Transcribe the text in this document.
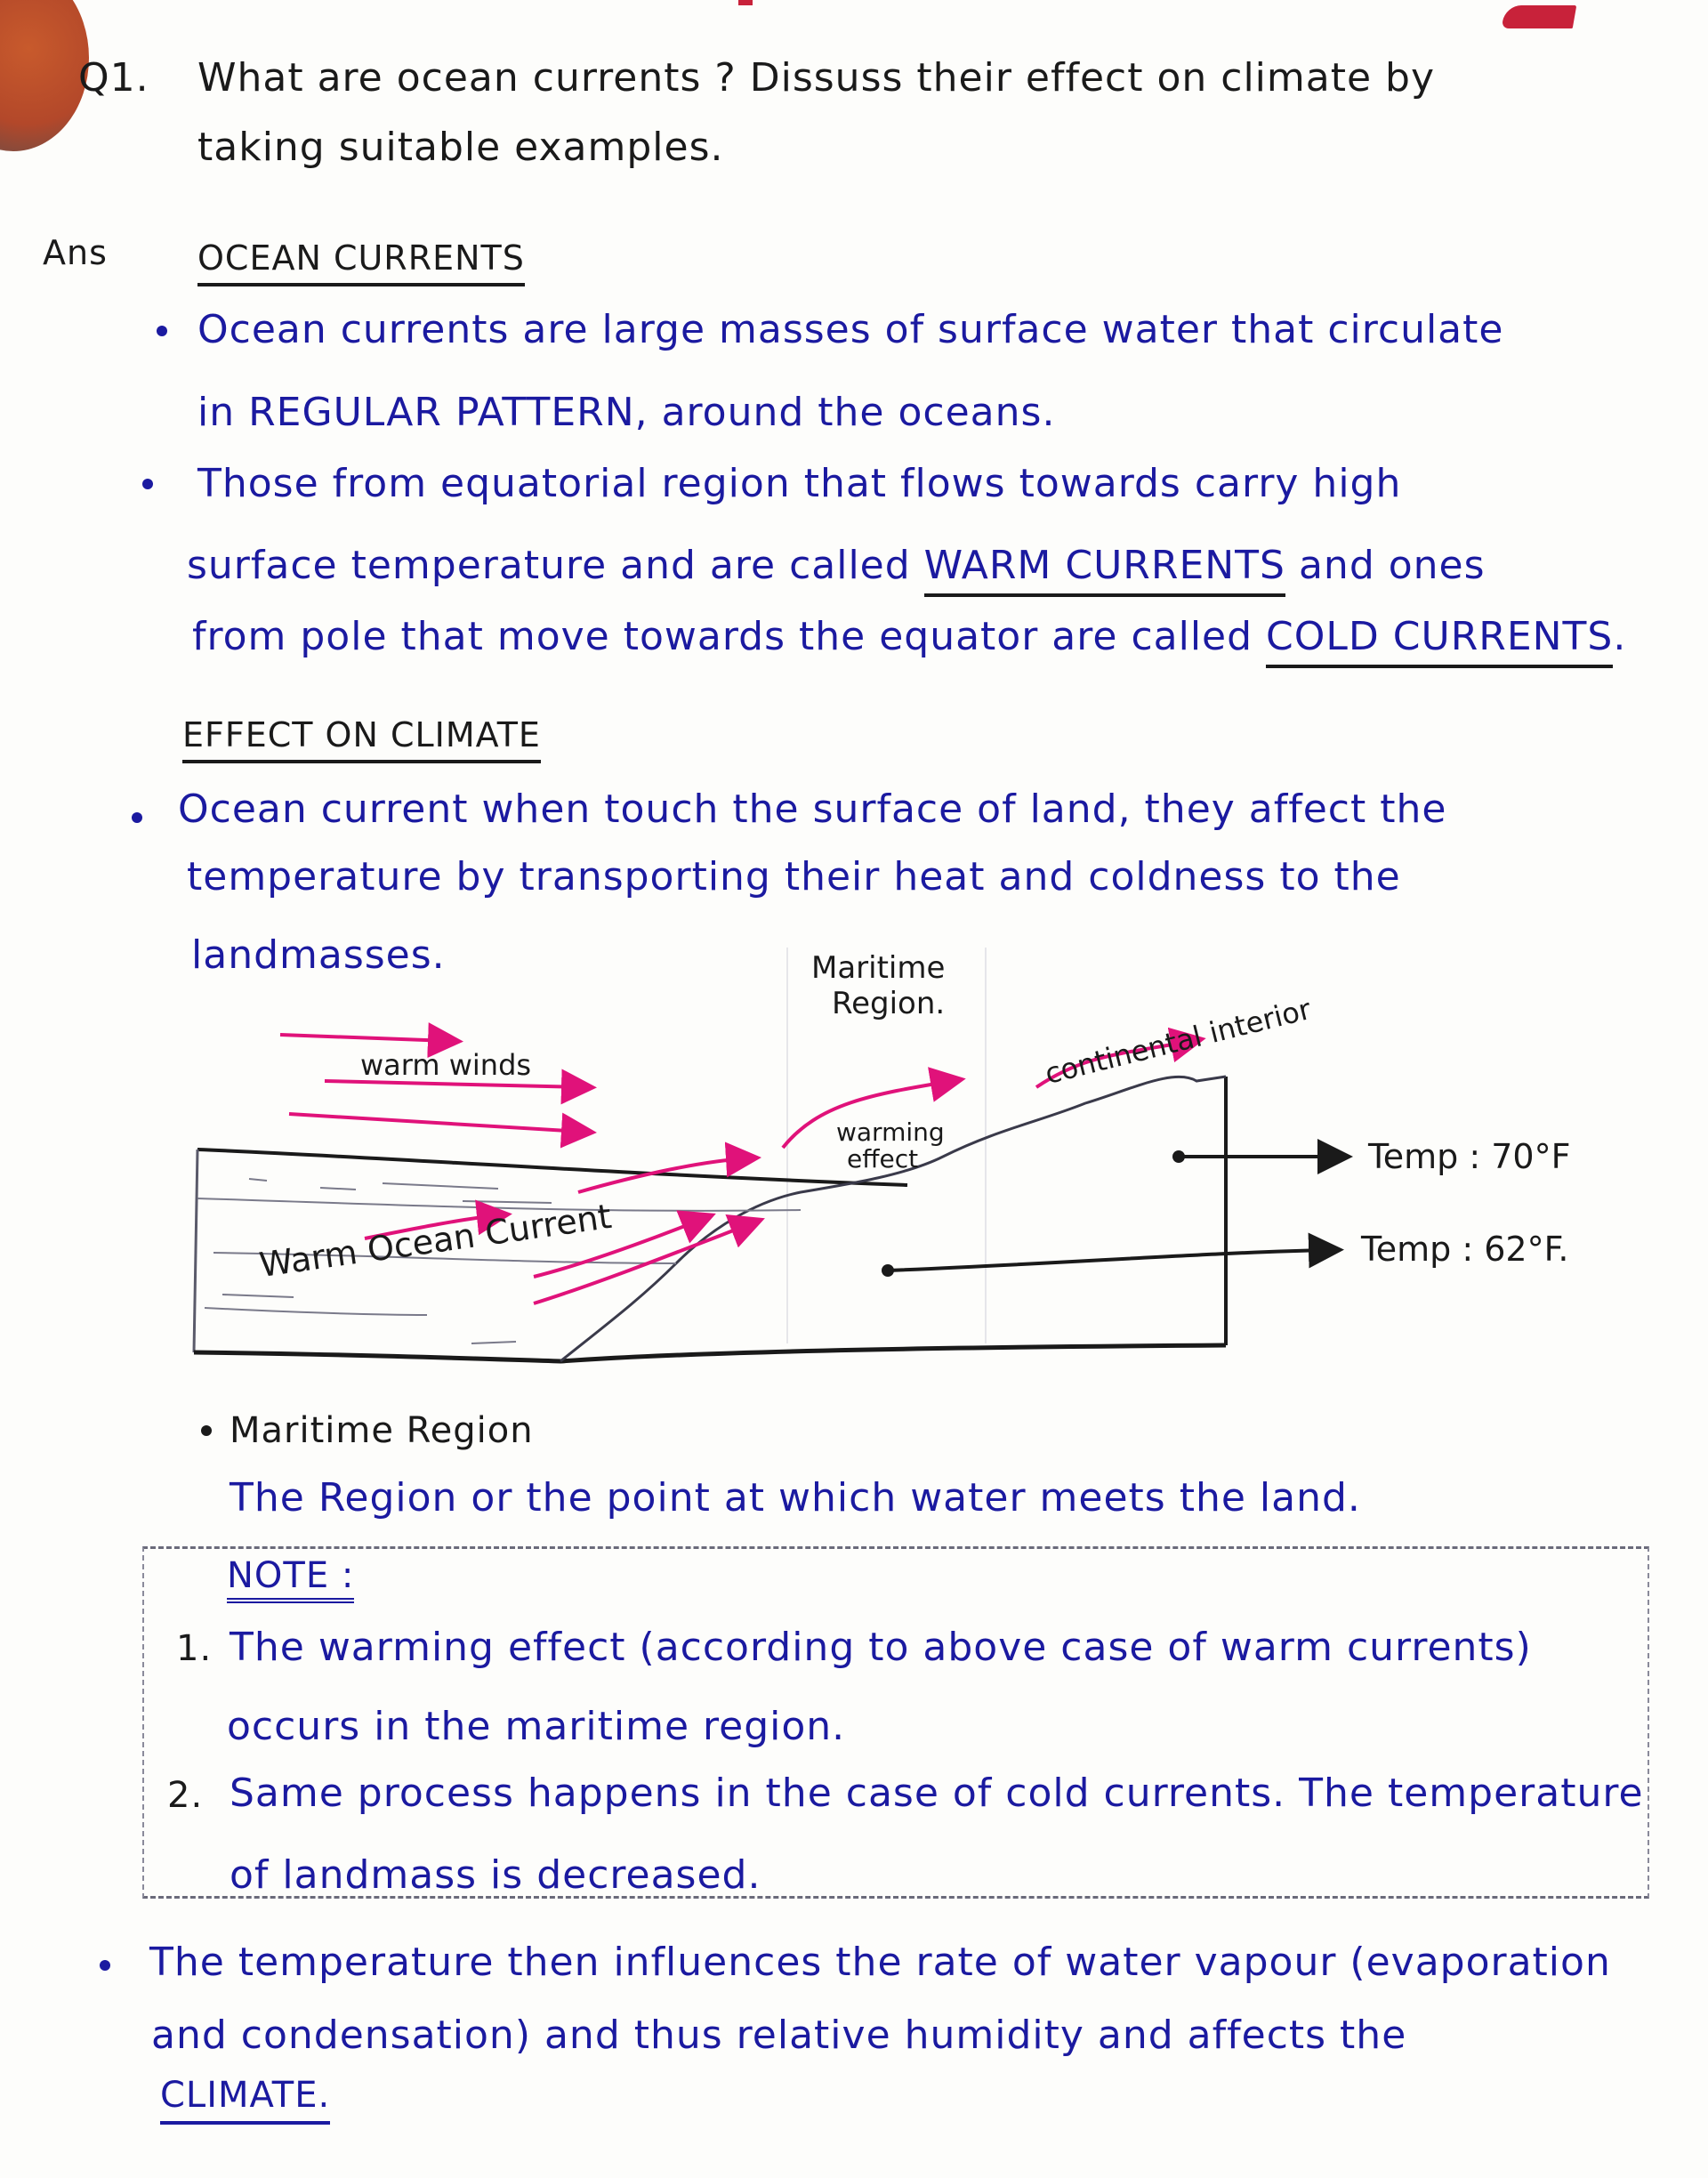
Q1. What are ocean currents ? Dissuss their effect on climate by
taking suitable examples.
Ans	OCEAN CURRENTS
Ocean currents are large masses of surface water that circulate
in REGULAR PATTERN, around the oceans.
Those from equatorial region that flows towards carry high
surface temperature and are called WARM CURRENTS and ones
from pole that move towards the equator are called COLD CURRENTS.
EFFECT ON CLIMATE
Ocean current when touch the surface of land, they affect the
temperature by transporting their heat and coldness to the
landmasses.	Maritime
Region.
warm winds
warming
effect
continental interior
Warm Ocean Current
Temp : 70°F
Temp : 62°F.
Maritime Region
The Region or the point at which water meets the land.
NOTE :
1. The warming effect (according to above case of warm currents)
occurs in the maritime region.
2. Same process happens in the case of cold currents. The temperature
of landmass is decreased.
The temperature then influences the rate of water vapour (evaporation
and condensation) and thus relative humidity and affects the
CLIMATE.
